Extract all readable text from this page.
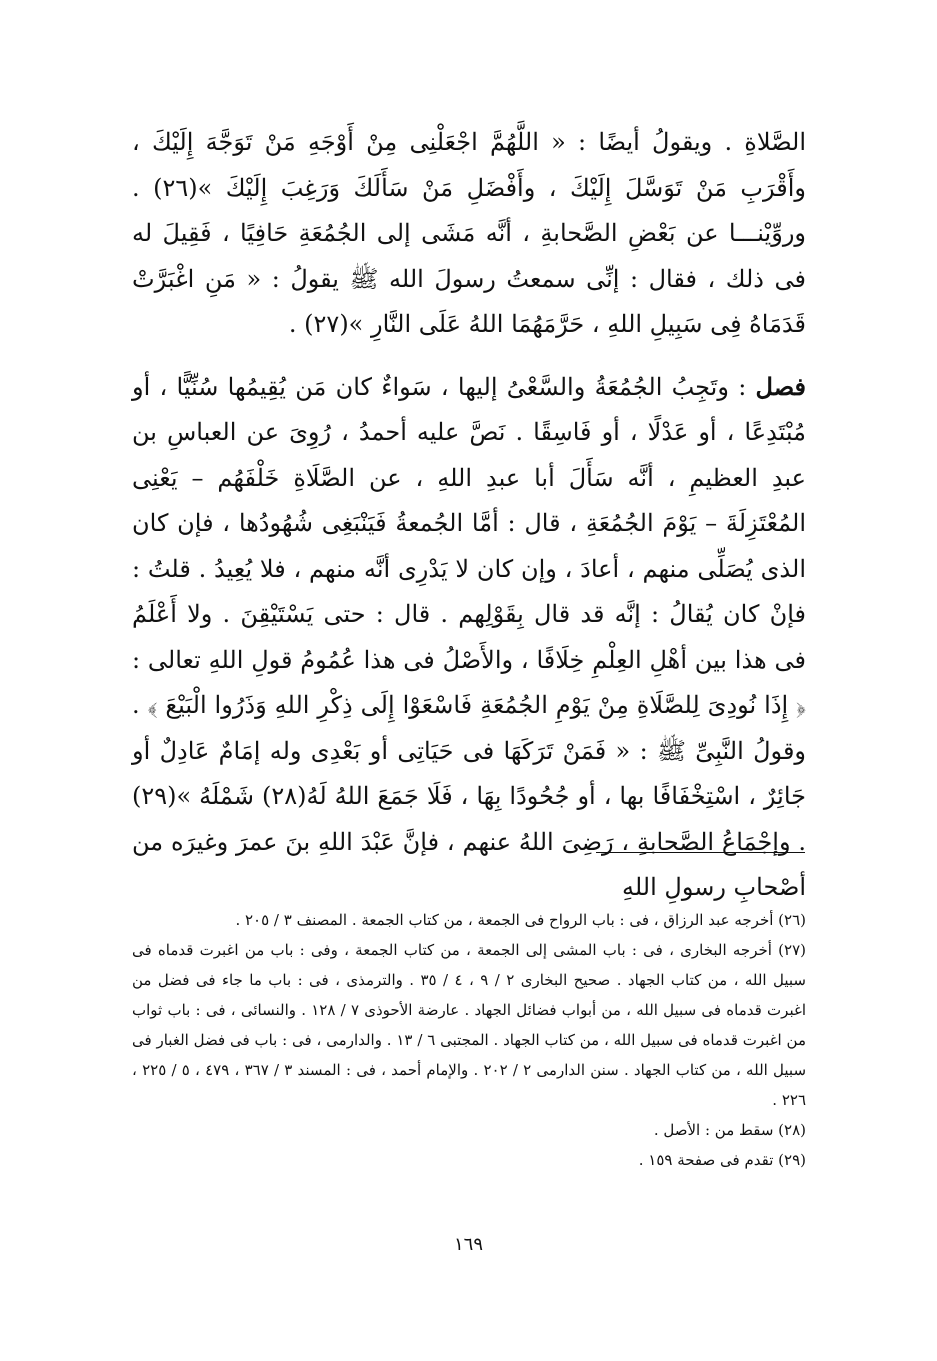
الصَّلاةِ . ويقولُ أيضًا : « اللَّهُمَّ اجْعَلْنِى مِنْ أَوْجَهِ مَنْ تَوَجَّهَ إِلَيْكَ ، وأَقْرَبِ مَنْ تَوَسَّلَ إِلَيْكَ ، وأَفْضَلِ مَنْ سَأَلَكَ وَرَغِبَ إِلَيْكَ »(٢٦) . وروِّيْنـــا عن بَعْضِ الصَّحابةِ ، أنَّه مَشَى إلى الجُمُعَةِ حَافِيًا ، فَقِيلَ له فى ذلك ، فقال : إنِّى سمعتُ رسولَ الله ﷺ يقولُ : « مَنِ اغْبَرَّتْ قَدَمَاهُ فِى سَبِيلِ اللهِ ، حَرَّمَهُمَا اللهُ عَلَى النَّارِ »(٢٧) .

فصل : وتَجِبُ الجُمُعَةُ والسَّعْىُ إليها ، سَواءٌ كان مَن يُقِيمُها سُنِّيًّا ، أو مُبْتَدِعًا ، أو عَدْلًا ، أو فَاسِقًا . نَصَّ عليه أحمدُ ، رُوِىَ عن العباسِ بن عبدِ العظيمِ ، أنَّه سَأَلَ أبا عبدِ اللهِ ، عن الصَّلَاةِ خَلْفَهُم – يَعْنِى المُعْتَزِلَةَ – يَوْمَ الجُمُعَةِ ، قال : أمَّا الجُمعةُ فَيَنْبَغِى شُهُودُها ، فإن كان الذى يُصَلِّى منهم ، أعادَ ، وإن كان لا يَدْرِى أنَّه منهم ، فلا يُعِيدُ . قلتُ : فإنْ كان يُقالُ : إنَّه قد قال بِقَوْلِهم . قال : حتى يَسْتَيْقِنَ . ولا أَعْلَمُ فى هذا بين أهْلِ العِلْمِ خِلَافًا ، والأَصْلُ فى هذا عُمُومُ قولِ اللهِ تعالى : ﴿ إِذَا نُودِىَ لِلصَّلَاةِ مِنْ يَوْمِ الجُمُعَةِ فَاسْعَوْا إِلَى ذِكْرِ اللهِ وَذَرُوا الْبَيْعَ ﴾ . وقولُ النَّبِىِّ ﷺ : « فَمَنْ تَرَكَهَا فى حَيَاتِى أو بَعْدِى وله إمَامٌ عَادِلٌ أو جَائِرٌ ، اسْتِخْفَافًا بها ، أو جُحُودًا بِهَا ، فَلَا جَمَعَ اللهُ لَهُ(٢٨) شَمْلَهُ »(٢٩) . وإجْمَاعُ الصَّحابةِ ، رَضِىَ اللهُ عنهم ، فإنَّ عَبْدَ اللهِ بنَ عمرَ وغيرَه من أصْحابِ رسولِ اللهِ

(٢٦) أخرجه عبد الرزاق ، فى : باب الرواح فى الجمعة ، من كتاب الجمعة . المصنف ٣ / ٢٠٥ .

(٢٧) أخرجه البخارى ، فى : باب المشى إلى الجمعة ، من كتاب الجمعة ، وفى : باب من اغبرت قدماه فى سبيل الله ، من كتاب الجهاد . صحيح البخارى ٢ / ٩ ، ٤ / ٣٥ . والترمذى ، فى : باب ما جاء فى فضل من اغبرت قدماه فى سبيل الله ، من أبواب فضائل الجهاد . عارضة الأحوذى ٧ / ١٢٨ . والنسائى ، فى : باب ثواب من اغبرت قدماه فى سبيل الله ، من كتاب الجهاد . المجتبى ٦ / ١٣ . والدارمى ، فى : باب فى فضل الغبار فى سبيل الله ، من كتاب الجهاد . سنن الدارمى ٢ / ٢٠٢ . والإمام أحمد ، فى : المسند ٣ / ٣٦٧ ، ٤٧٩ ، ٥ / ٢٢٥ ، ٢٢٦ .

(٢٨) سقط من : الأصل .

(٢٩) تقدم فى صفحة ١٥٩ .

١٦٩
